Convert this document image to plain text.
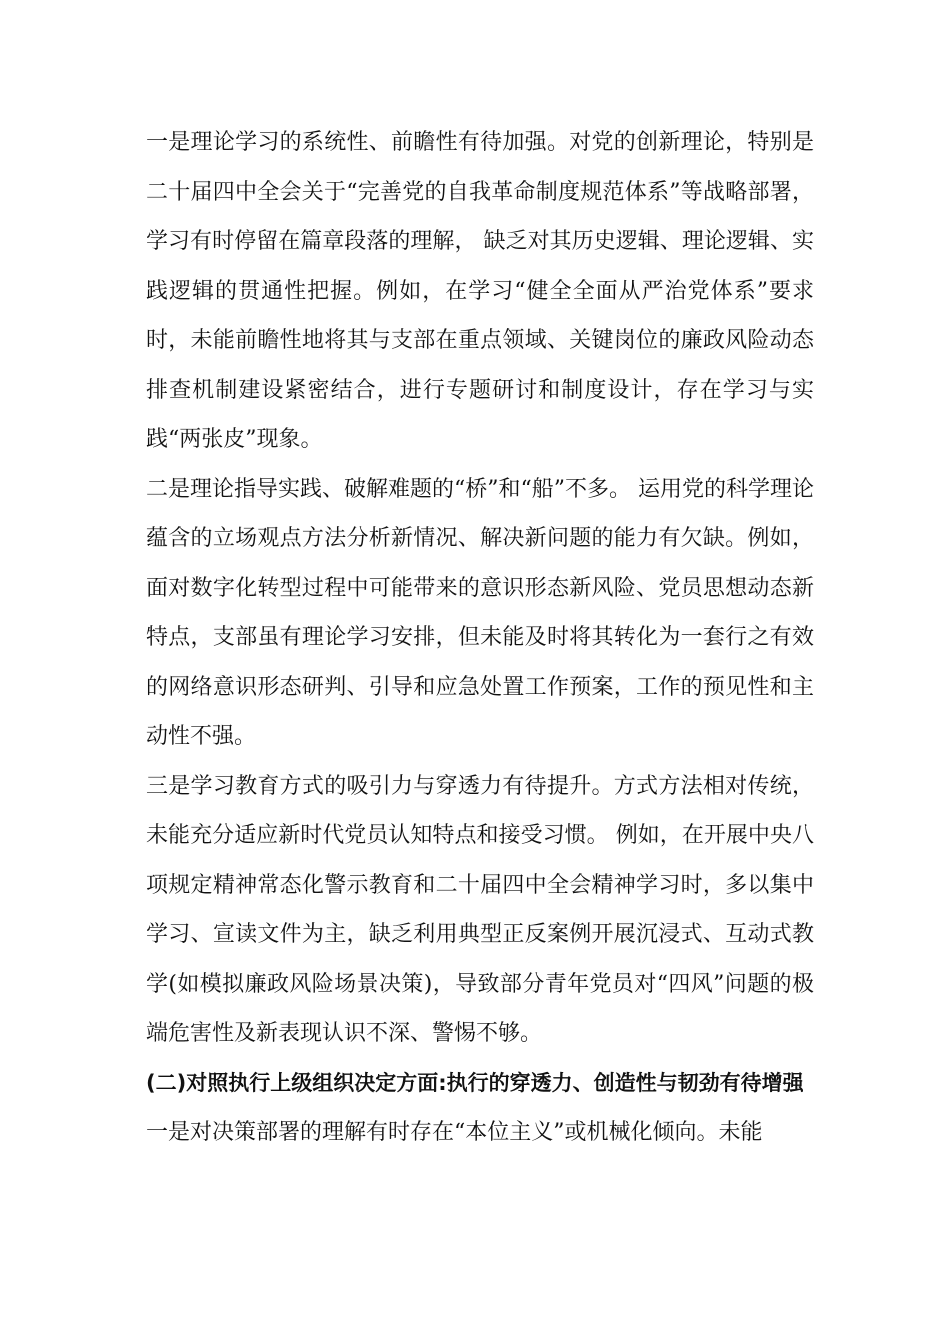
一是理论学习的系统性、前瞻性有待加强。对党的创新理论，特别是二十届四中全会关于“完善党的自我革命制度规范体系”等战略部署，学习有时停留在篇章段落的理解， 缺乏对其历史逻辑、理论逻辑、实践逻辑的贯通性把握。例如，在学习“健全全面从严治党体系”要求时，未能前瞻性地将其与支部在重点领域、关键岗位的廉政风险动态排查机制建设紧密结合，进行专题研讨和制度设计，存在学习与实践“两张皮”现象。

二是理论指导实践、破解难题的“桥”和“船”不多。 运用党的科学理论蕴含的立场观点方法分析新情况、解决新问题的能力有欠缺。例如，面对数字化转型过程中可能带来的意识形态新风险、党员思想动态新特点，支部虽有理论学习安排，但未能及时将其转化为一套行之有效的网络意识形态研判、引导和应急处置工作预案，工作的预见性和主动性不强。

三是学习教育方式的吸引力与穿透力有待提升。方式方法相对传统，未能充分适应新时代党员认知特点和接受习惯。 例如，在开展中央八项规定精神常态化警示教育和二十届四中全会精神学习时，多以集中学习、宣读文件为主，缺乏利用典型正反案例开展沉浸式、互动式教学(如模拟廉政风险场景决策)，导致部分青年党员对“四风”问题的极端危害性及新表现认识不深、警惕不够。

(二)对照执行上级组织决定方面:执行的穿透力、创造性与韧劲有待增强

一是对决策部署的理解有时存在“本位主义”或机械化倾向。未能
